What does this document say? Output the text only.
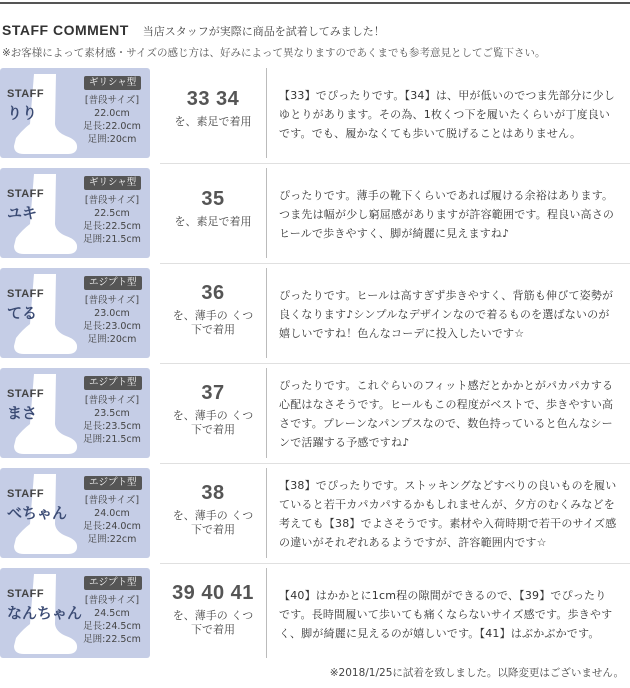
STAFF COMMENT 当店スタッフが実際に商品を試着してみました！
※お客様によって素材感・サイズの感じ方は、好みによって異なりますのであくまでも参考意見としてご覧下さい。
STAFF
りり
ギリシャ型
[普段サイズ]
22.0cm
足長:22.0cm
足囲:20cm
33 34
を、素足で着用
【33】でぴったりです。【34】は、甲が低いのでつま先部分に少しゆとりがあります。その為、1枚くつ下を履いたくらいが丁度良いです。でも、履かなくても歩いて脱げることはありません。
STAFF
ユキ
ギリシャ型
[普段サイズ]
22.5cm
足長:22.5cm
足囲:21.5cm
35
を、素足で着用
ぴったりです。薄手の靴下くらいであれば履ける余裕はあります。つま先は幅が少し窮屈感がありますが許容範囲です。程良い高さのヒールで歩きやすく、脚が綺麗に見えますね♪
STAFF
てる
エジプト型
[普段サイズ]
23.0cm
足長:23.0cm
足囲:20cm
36
を、薄手の くつ下で着用
ぴったりです。ヒールは高すぎず歩きやすく、背筋も伸びて姿勢が良くなります♪シンプルなデザインなので着るものを選ばないのが嬉しいですね！色んなコーデに投入したいです☆
STAFF
まさ
エジプト型
[普段サイズ]
23.5cm
足長:23.5cm
足囲:21.5cm
37
を、薄手の くつ下で着用
ぴったりです。これぐらいのフィット感だとかかとがパカパカする心配はなさそうです。ヒールもこの程度がベストで、歩きやすい高さです。プレーンなパンプスなので、数色持っていると色んなシーンで活躍する予感ですね♪
STAFF
べちゃん
エジプト型
[普段サイズ]
24.0cm
足長:24.0cm
足囲:22cm
38
を、薄手の くつ下で着用
【38】でぴったりです。ストッキングなどすべりの良いものを履いていると若干カパカパするかもしれませんが、夕方のむくみなどを考えても【38】でよさそうです。素材や入荷時期で若干のサイズ感の違いがそれぞれあるようですが、許容範囲内です☆
STAFF
なんちゃん
エジプト型
[普段サイズ]
24.5cm
足長:24.5cm
足囲:22.5cm
39 40 41
を、薄手の くつ下で着用
【40】はかかとに1cm程の隙間ができるので、【39】でぴったりです。長時間履いて歩いても痛くならないサイズ感です。歩きやすく、脚が綺麗に見えるのが嬉しいです。【41】はぶかぶかです。
※2018/1/25に試着を致しました。以降変更はございません。
